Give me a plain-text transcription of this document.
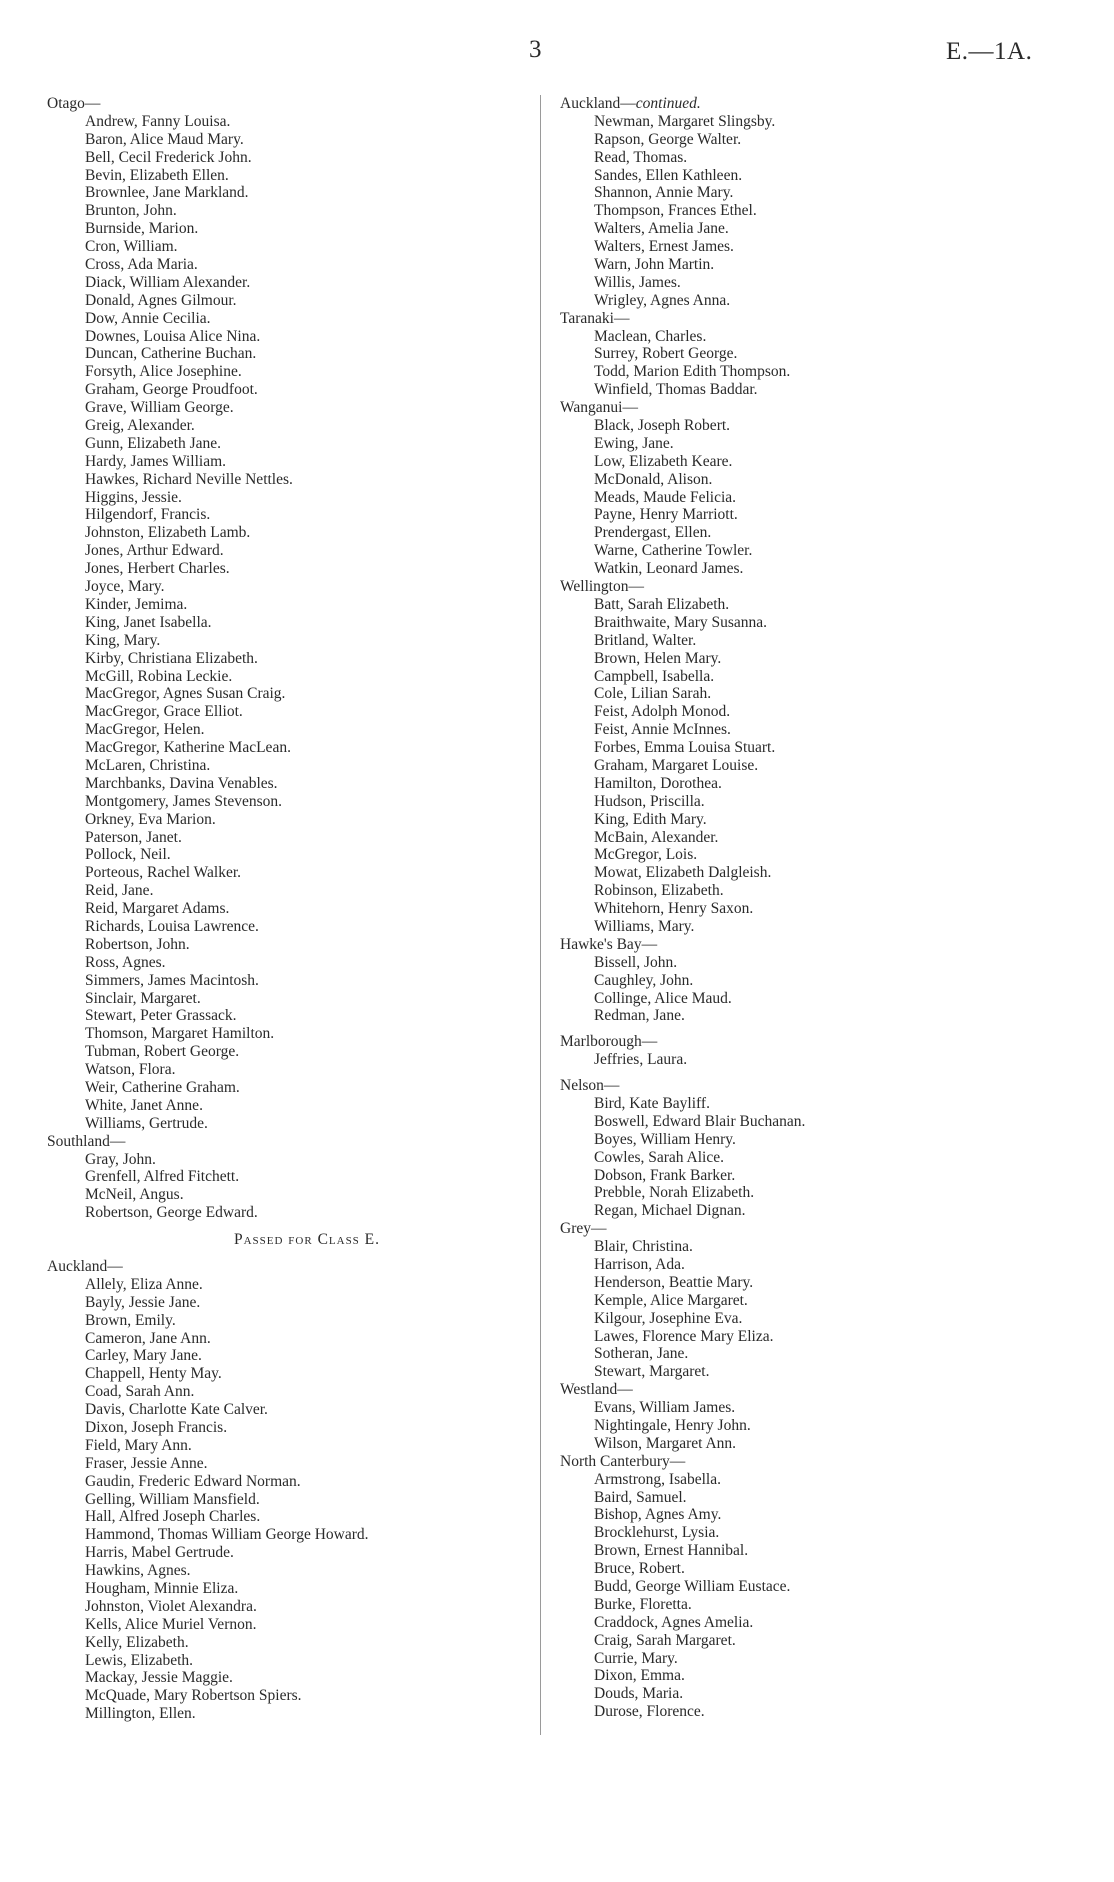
3	E.—1A.
Otago—
Andrew, Fanny Louisa.
Baron, Alice Maud Mary.
Bell, Cecil Frederick John.
Bevin, Elizabeth Ellen.
Brownlee, Jane Markland.
Brunton, John.
Burnside, Marion.
Cron, William.
Cross, Ada Maria.
Diack, William Alexander.
Donald, Agnes Gilmour.
Dow, Annie Cecilia.
Downes, Louisa Alice Nina.
Duncan, Catherine Buchan.
Forsyth, Alice Josephine.
Graham, George Proudfoot.
Grave, William George.
Greig, Alexander.
Gunn, Elizabeth Jane.
Hardy, James William.
Hawkes, Richard Neville Nettles.
Higgins, Jessie.
Hilgendorf, Francis.
Johnston, Elizabeth Lamb.
Jones, Arthur Edward.
Jones, Herbert Charles.
Joyce, Mary.
Kinder, Jemima.
King, Janet Isabella.
King, Mary.
Kirby, Christiana Elizabeth.
McGill, Robina Leckie.
MacGregor, Agnes Susan Craig.
MacGregor, Grace Elliot.
MacGregor, Helen.
MacGregor, Katherine MacLean.
McLaren, Christina.
Marchbanks, Davina Venables.
Montgomery, James Stevenson.
Orkney, Eva Marion.
Paterson, Janet.
Pollock, Neil.
Porteous, Rachel Walker.
Reid, Jane.
Reid, Margaret Adams.
Richards, Louisa Lawrence.
Robertson, John.
Ross, Agnes.
Simmers, James Macintosh.
Sinclair, Margaret.
Stewart, Peter Grassack.
Thomson, Margaret Hamilton.
Tubman, Robert George.
Watson, Flora.
Weir, Catherine Graham.
White, Janet Anne.
Williams, Gertrude.
Southland—
Gray, John.
Grenfell, Alfred Fitchett.
McNeil, Angus.
Robertson, George Edward.
Passed for Class E.
Auckland—
Allely, Eliza Anne.
Bayly, Jessie Jane.
Brown, Emily.
Cameron, Jane Ann.
Carley, Mary Jane.
Chappell, Henty May.
Coad, Sarah Ann.
Davis, Charlotte Kate Calver.
Dixon, Joseph Francis.
Field, Mary Ann.
Fraser, Jessie Anne.
Gaudin, Frederic Edward Norman.
Gelling, William Mansfield.
Hall, Alfred Joseph Charles.
Hammond, Thomas William George Howard.
Harris, Mabel Gertrude.
Hawkins, Agnes.
Hougham, Minnie Eliza.
Johnston, Violet Alexandra.
Kells, Alice Muriel Vernon.
Kelly, Elizabeth.
Lewis, Elizabeth.
Mackay, Jessie Maggie.
McQuade, Mary Robertson Spiers.
Millington, Ellen.
Auckland—continued.
Newman, Margaret Slingsby.
Rapson, George Walter.
Read, Thomas.
Sandes, Ellen Kathleen.
Shannon, Annie Mary.
Thompson, Frances Ethel.
Walters, Amelia Jane.
Walters, Ernest James.
Warn, John Martin.
Willis, James.
Wrigley, Agnes Anna.
Taranaki—
Maclean, Charles.
Surrey, Robert George.
Todd, Marion Edith Thompson.
Winfield, Thomas Baddar.
Wanganui—
Black, Joseph Robert.
Ewing, Jane.
Low, Elizabeth Keare.
McDonald, Alison.
Meads, Maude Felicia.
Payne, Henry Marriott.
Prendergast, Ellen.
Warne, Catherine Towler.
Watkin, Leonard James.
Wellington—
Batt, Sarah Elizabeth.
Braithwaite, Mary Susanna.
Britland, Walter.
Brown, Helen Mary.
Campbell, Isabella.
Cole, Lilian Sarah.
Feist, Adolph Monod.
Feist, Annie McInnes.
Forbes, Emma Louisa Stuart.
Graham, Margaret Louise.
Hamilton, Dorothea.
Hudson, Priscilla.
King, Edith Mary.
McBain, Alexander.
McGregor, Lois.
Mowat, Elizabeth Dalgleish.
Robinson, Elizabeth.
Whitehorn, Henry Saxon.
Williams, Mary.
Hawke's Bay—
Bissell, John.
Caughley, John.
Collinge, Alice Maud.
Redman, Jane.
Marlborough—
Jeffries, Laura.
Nelson—
Bird, Kate Bayliff.
Boswell, Edward Blair Buchanan.
Boyes, William Henry.
Cowles, Sarah Alice.
Dobson, Frank Barker.
Prebble, Norah Elizabeth.
Regan, Michael Dignan.
Grey—
Blair, Christina.
Harrison, Ada.
Henderson, Beattie Mary.
Kemple, Alice Margaret.
Kilgour, Josephine Eva.
Lawes, Florence Mary Eliza.
Sotheran, Jane.
Stewart, Margaret.
Westland—
Evans, William James.
Nightingale, Henry John.
Wilson, Margaret Ann.
North Canterbury—
Armstrong, Isabella.
Baird, Samuel.
Bishop, Agnes Amy.
Brocklehurst, Lysia.
Brown, Ernest Hannibal.
Bruce, Robert.
Budd, George William Eustace.
Burke, Floretta.
Craddock, Agnes Amelia.
Craig, Sarah Margaret.
Currie, Mary.
Dixon, Emma.
Douds, Maria.
Durose, Florence.
